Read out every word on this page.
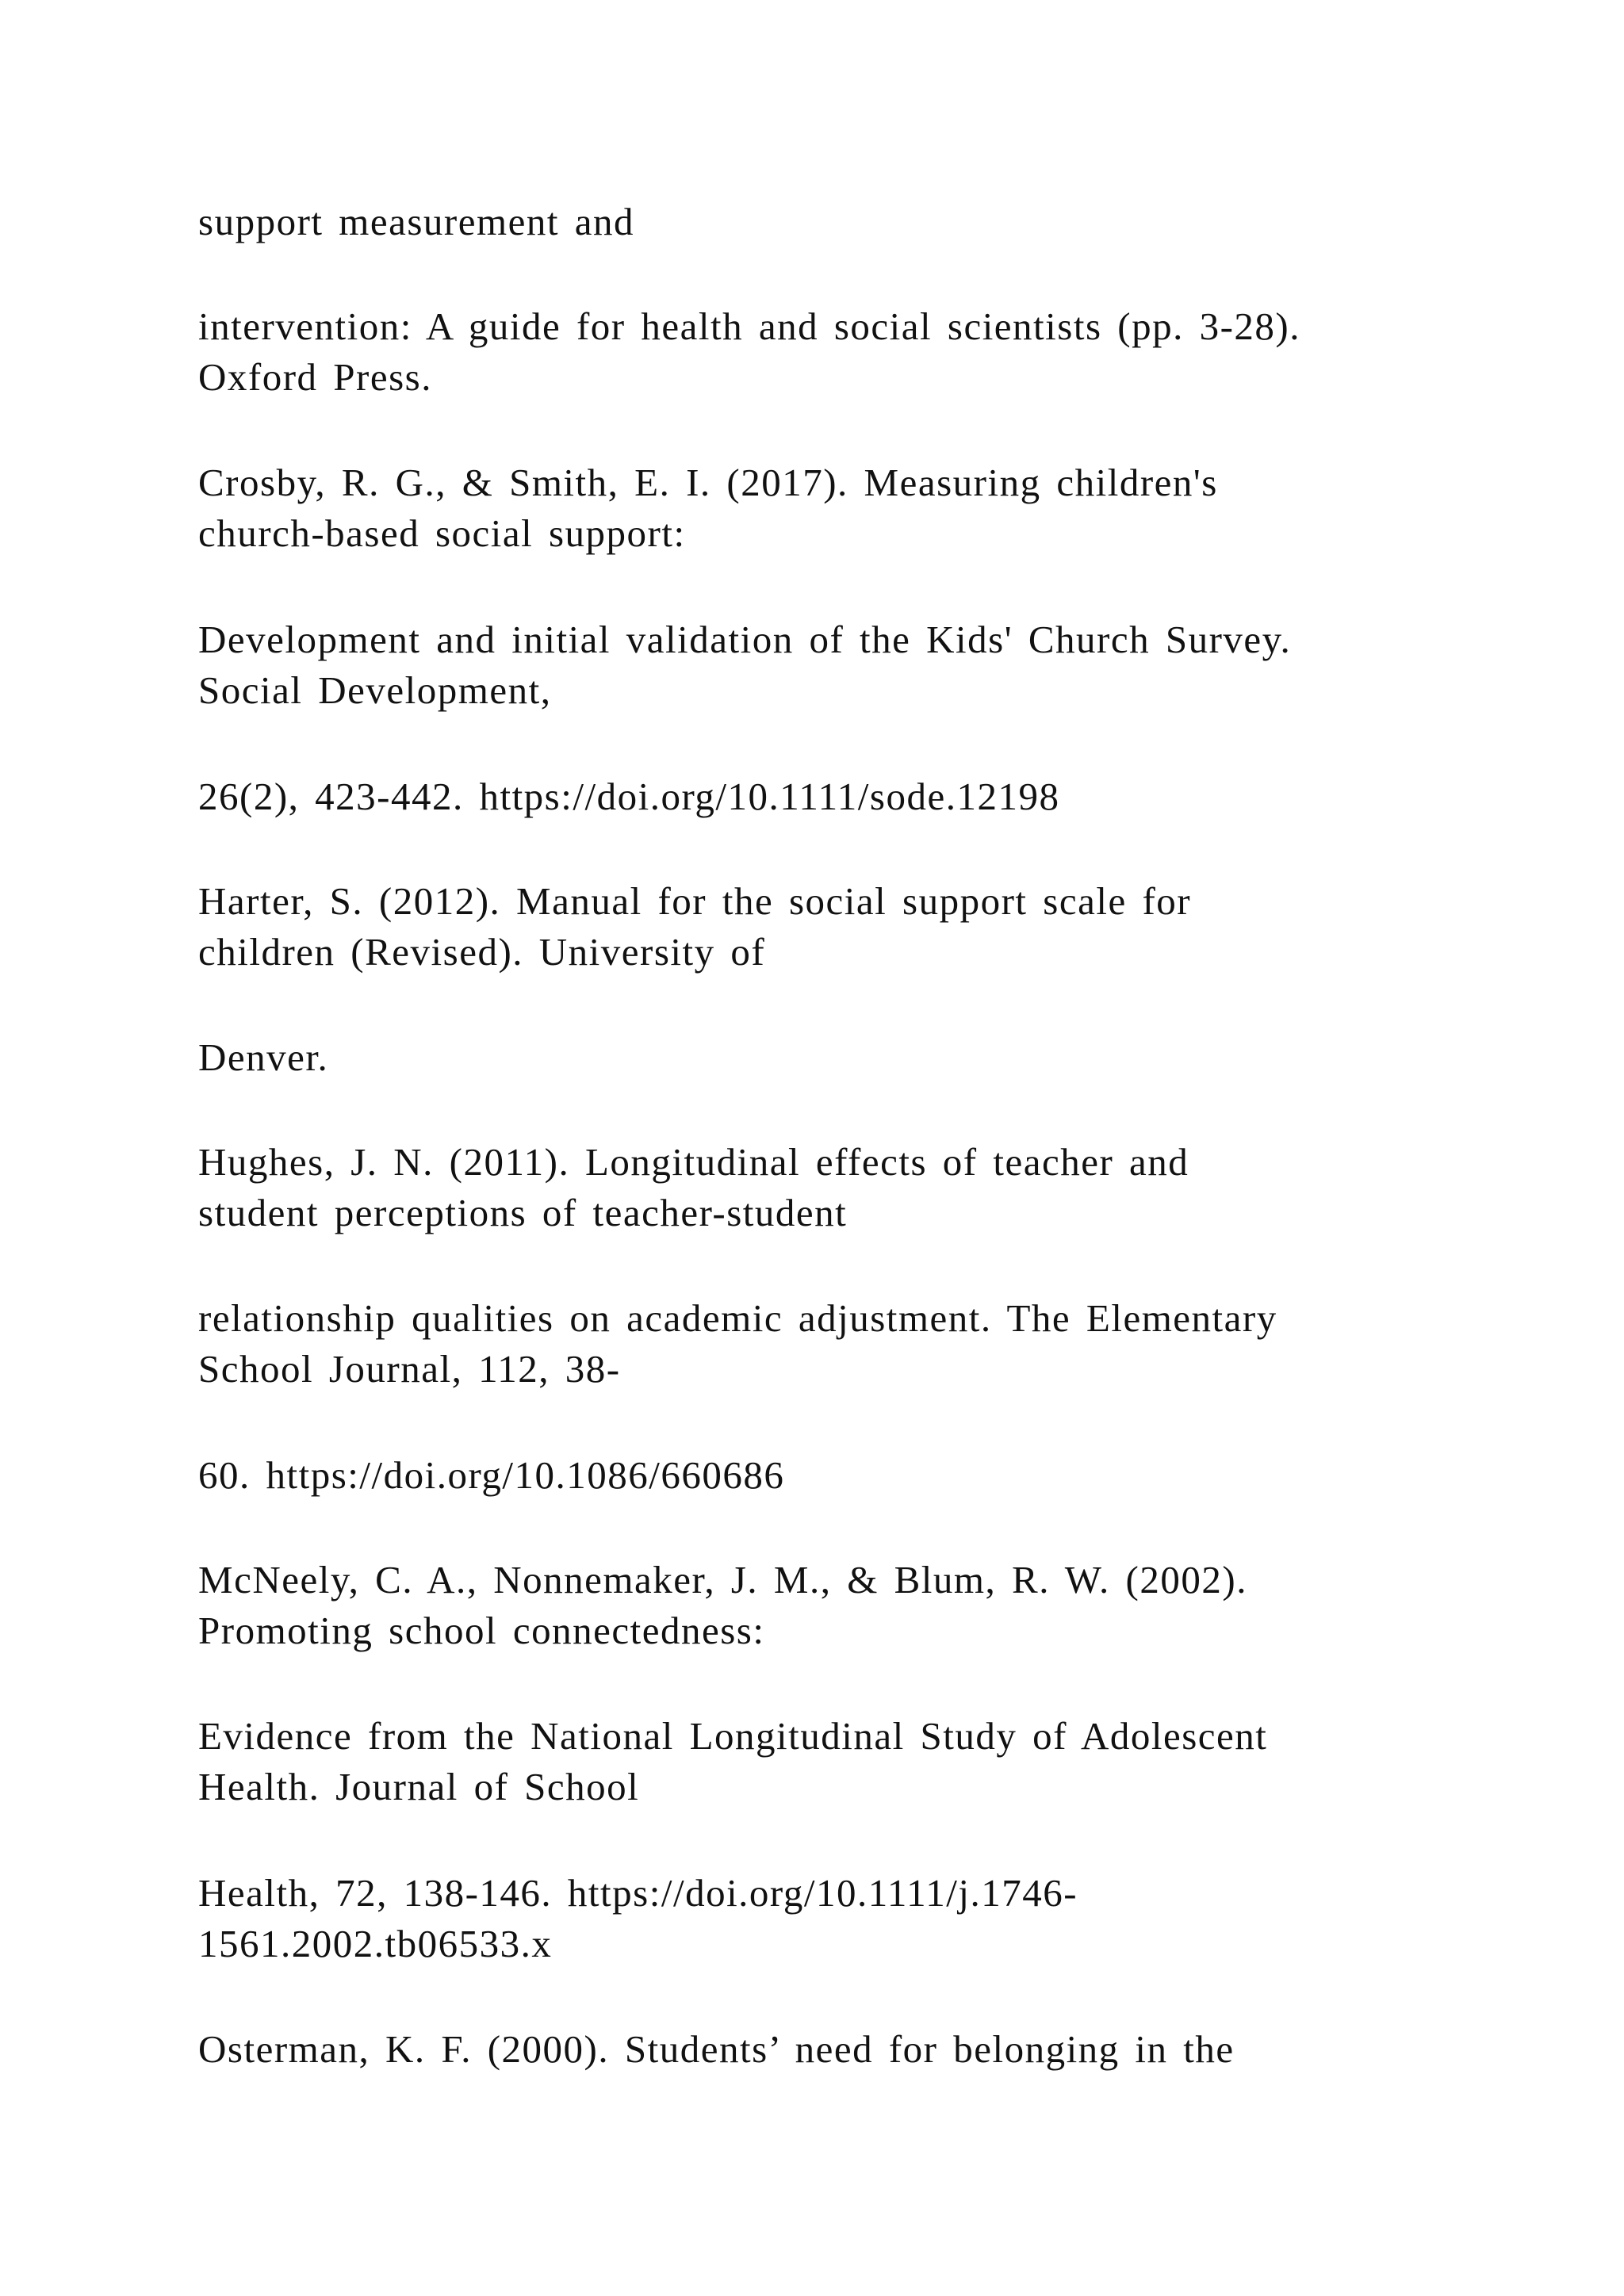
support measurement and

intervention: A guide for health and social scientists (pp. 3-28).
Oxford Press.

Crosby, R. G., & Smith, E. I. (2017). Measuring children's
church-based social support:

Development and initial validation of the Kids' Church Survey.
Social Development,

26(2), 423-442. https://doi.org/10.1111/sode.12198

Harter, S. (2012). Manual for the social support scale for
children (Revised). University of

Denver.

Hughes, J. N. (2011). Longitudinal effects of teacher and
student perceptions of teacher-student

relationship qualities on academic adjustment. The Elementary
School Journal, 112, 38-

60. https://doi.org/10.1086/660686

McNeely, C. A., Nonnemaker, J. M., & Blum, R. W. (2002).
Promoting school connectedness:

Evidence from the National Longitudinal Study of Adolescent
Health. Journal of School

Health, 72, 138-146. https://doi.org/10.1111/j.1746-
1561.2002.tb06533.x

Osterman, K. F. (2000). Students’ need for belonging in the
